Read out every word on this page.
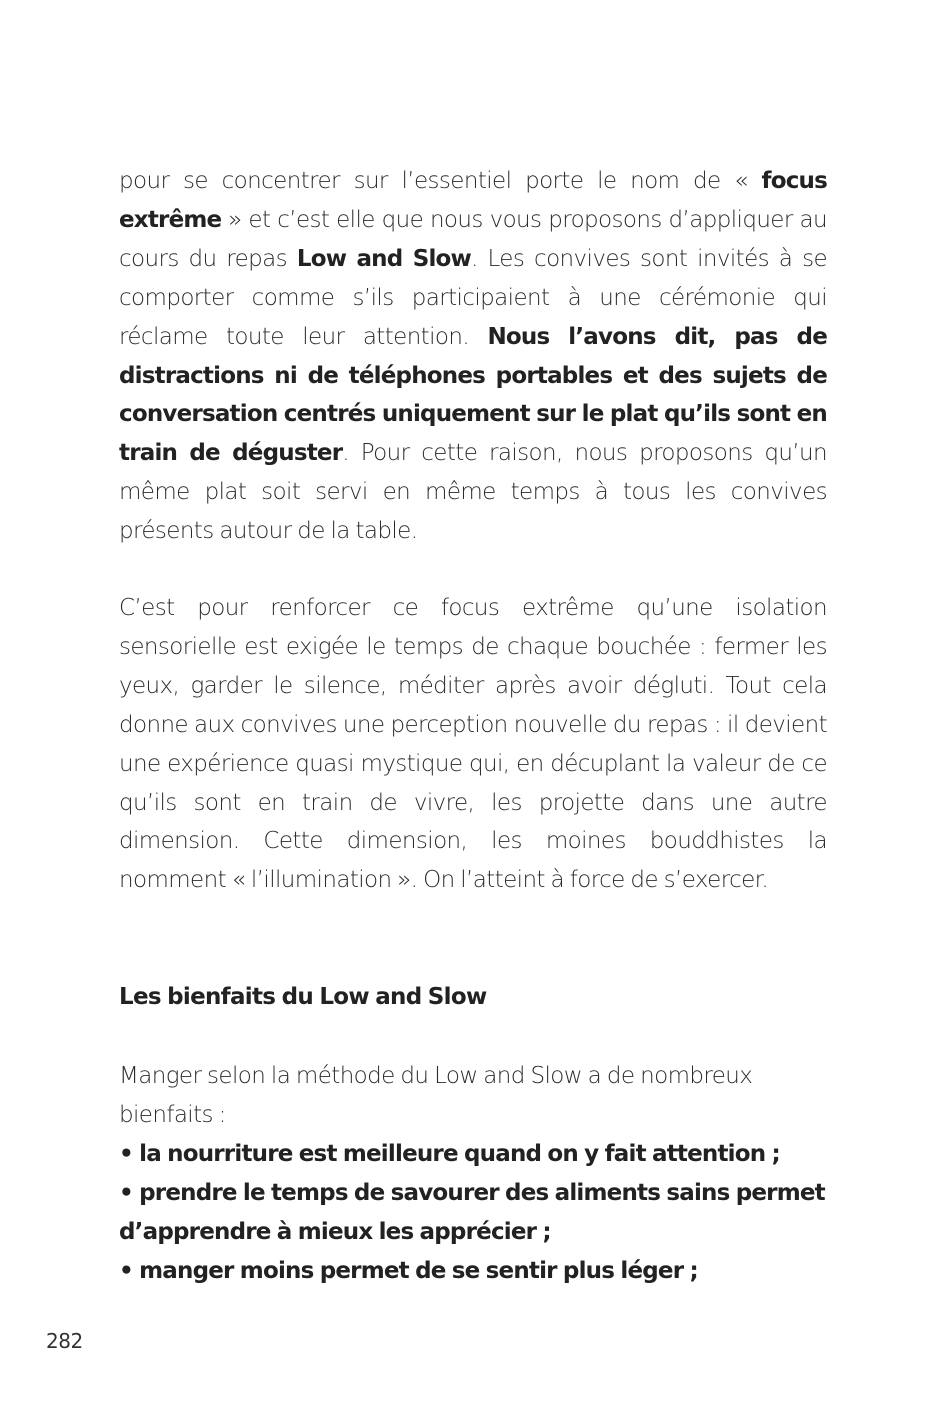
pour se concentrer sur l’essentiel porte le nom de « focus extrême » et c’est elle que nous vous proposons d’appliquer au cours du repas Low and Slow. Les convives sont invités à se comporter comme s’ils participaient à une cérémonie qui réclame toute leur attention. Nous l’avons dit, pas de distractions ni de téléphones portables et des sujets de conversation centrés uniquement sur le plat qu’ils sont en train de déguster. Pour cette raison, nous proposons qu’un même plat soit servi en même temps à tous les convives présents autour de la table.

C’est pour renforcer ce focus extrême qu’une isolation sensorielle est exigée le temps de chaque bouchée : fermer les yeux, garder le silence, méditer après avoir dégluti. Tout cela donne aux convives une perception nouvelle du repas : il devient une expérience quasi mystique qui, en décuplant la valeur de ce qu’ils sont en train de vivre, les projette dans une autre dimension. Cette dimension, les moines bouddhistes la nomment « l’illumination ». On l’atteint à force de s’exercer.

Les bienfaits du Low and Slow

Manger selon la méthode du Low and Slow a de nombreux bienfaits :

• la nourriture est meilleure quand on y fait attention ;
• prendre le temps de savourer des aliments sains permet d’apprendre à mieux les apprécier ;
• manger moins permet de se sentir plus léger ;
282
